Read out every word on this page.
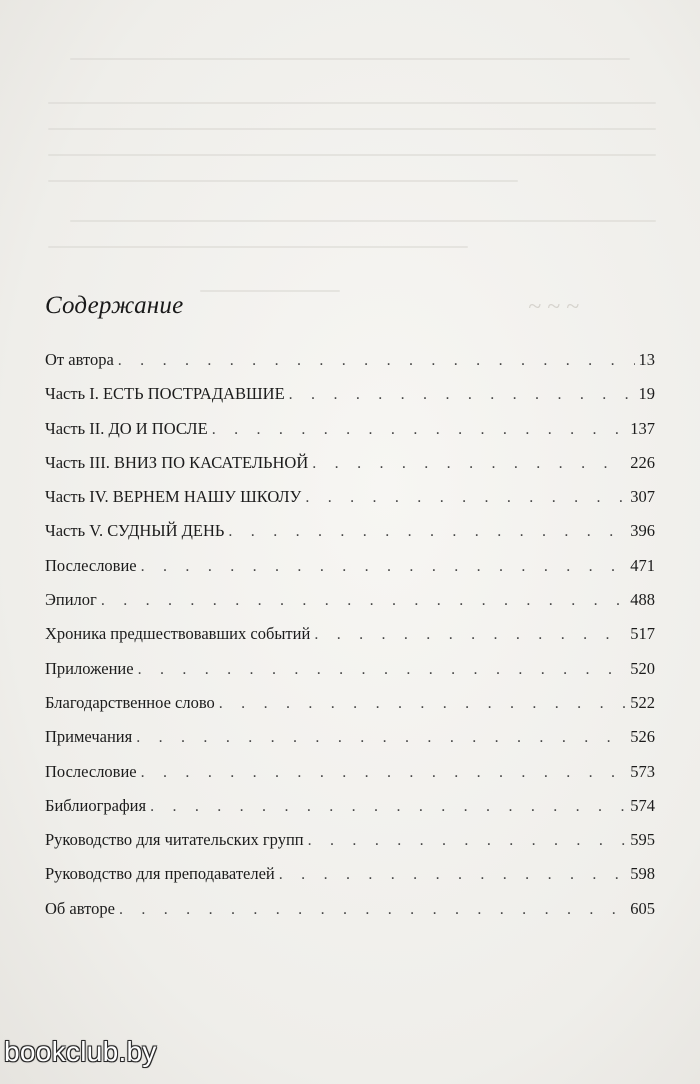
~ ~ ~
Содержание
От автора . . .	13
Часть I. ЕСТЬ ПОСТРАДАВШИЕ . . .	19
Часть II. ДО И ПОСЛЕ . . .	137
Часть III. ВНИЗ ПО КАСАТЕЛЬНОЙ . . .	226
Часть IV. ВЕРНЕМ НАШУ ШКОЛУ . . .	307
Часть V. СУДНЫЙ ДЕНЬ . . .	396
Послесловие . . .	471
Эпилог . . .	488
Хроника предшествовавших событий . . .	517
Приложение . . .	520
Благодарственное слово . . .	522
Примечания . . .	526
Послесловие . . .	573
Библиография . . .	574
Руководство для читательских групп . . .	595
Руководство для преподавателей . . .	598
Об авторе . . .	605
bookclub.by
